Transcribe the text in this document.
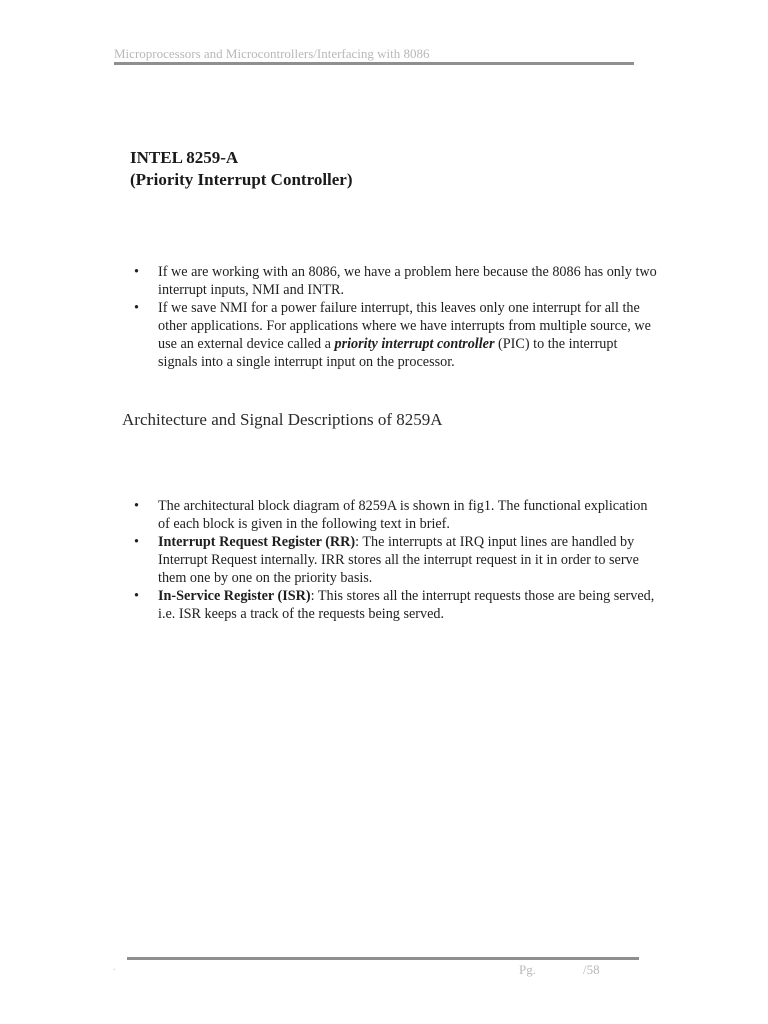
Microprocessors and Microcontrollers/Interfacing with 8086
INTEL 8259-A
(Priority Interrupt Controller)
• If we are working with an 8086, we have a problem here because the 8086 has only two interrupt inputs, NMI and INTR.
• If we save NMI for a power failure interrupt, this leaves only one interrupt for all the other applications. For applications where we have interrupts from multiple source, we use an external device called a priority interrupt controller (PIC) to the interrupt signals into a single interrupt input on the processor.
Architecture and Signal Descriptions of 8259A
• The architectural block diagram of 8259A is shown in fig1. The functional explication of each block is given in the following text in brief.
• Interrupt Request Register (RR): The interrupts at IRQ input lines are handled by Interrupt Request internally. IRR stores all the interrupt request in it in order to serve them one by one on the priority basis.
• In-Service Register (ISR): This stores all the interrupt requests those are being served, i.e. ISR keeps a track of the requests being served.
.	Pg.	/58
